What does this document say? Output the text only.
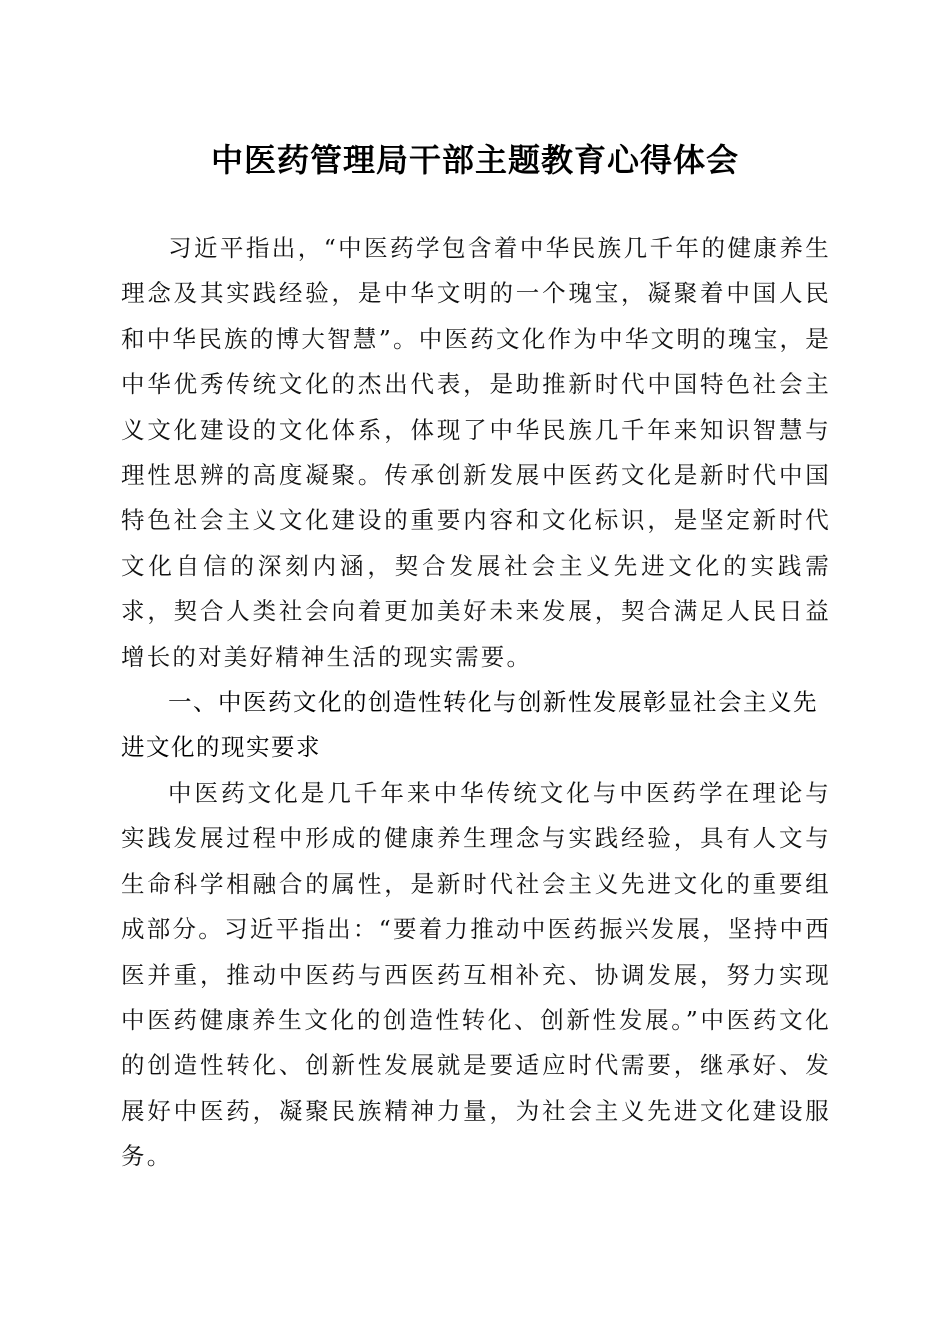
中医药管理局干部主题教育心得体会

习近平指出，“中医药学包含着中华民族几千年的健康养生理念及其实践经验，是中华文明的一个瑰宝，凝聚着中国人民和中华民族的博大智慧”。中医药文化作为中华文明的瑰宝，是中华优秀传统文化的杰出代表，是助推新时代中国特色社会主义文化建设的文化体系，体现了中华民族几千年来知识智慧与理性思辨的高度凝聚。传承创新发展中医药文化是新时代中国特色社会主义文化建设的重要内容和文化标识，是坚定新时代文化自信的深刻内涵，契合发展社会主义先进文化的实践需求，契合人类社会向着更加美好未来发展，契合满足人民日益增长的对美好精神生活的现实需要。

一、中医药文化的创造性转化与创新性发展彰显社会主义先进文化的现实要求

中医药文化是几千年来中华传统文化与中医药学在理论与实践发展过程中形成的健康养生理念与实践经验，具有人文与生命科学相融合的属性，是新时代社会主义先进文化的重要组成部分。习近平指出：“要着力推动中医药振兴发展，坚持中西医并重，推动中医药与西医药互相补充、协调发展，努力实现中医药健康养生文化的创造性转化、创新性发展。”中医药文化的创造性转化、创新性发展就是要适应时代需要，继承好、发展好中医药，凝聚民族精神力量，为社会主义先进文化建设服务。
